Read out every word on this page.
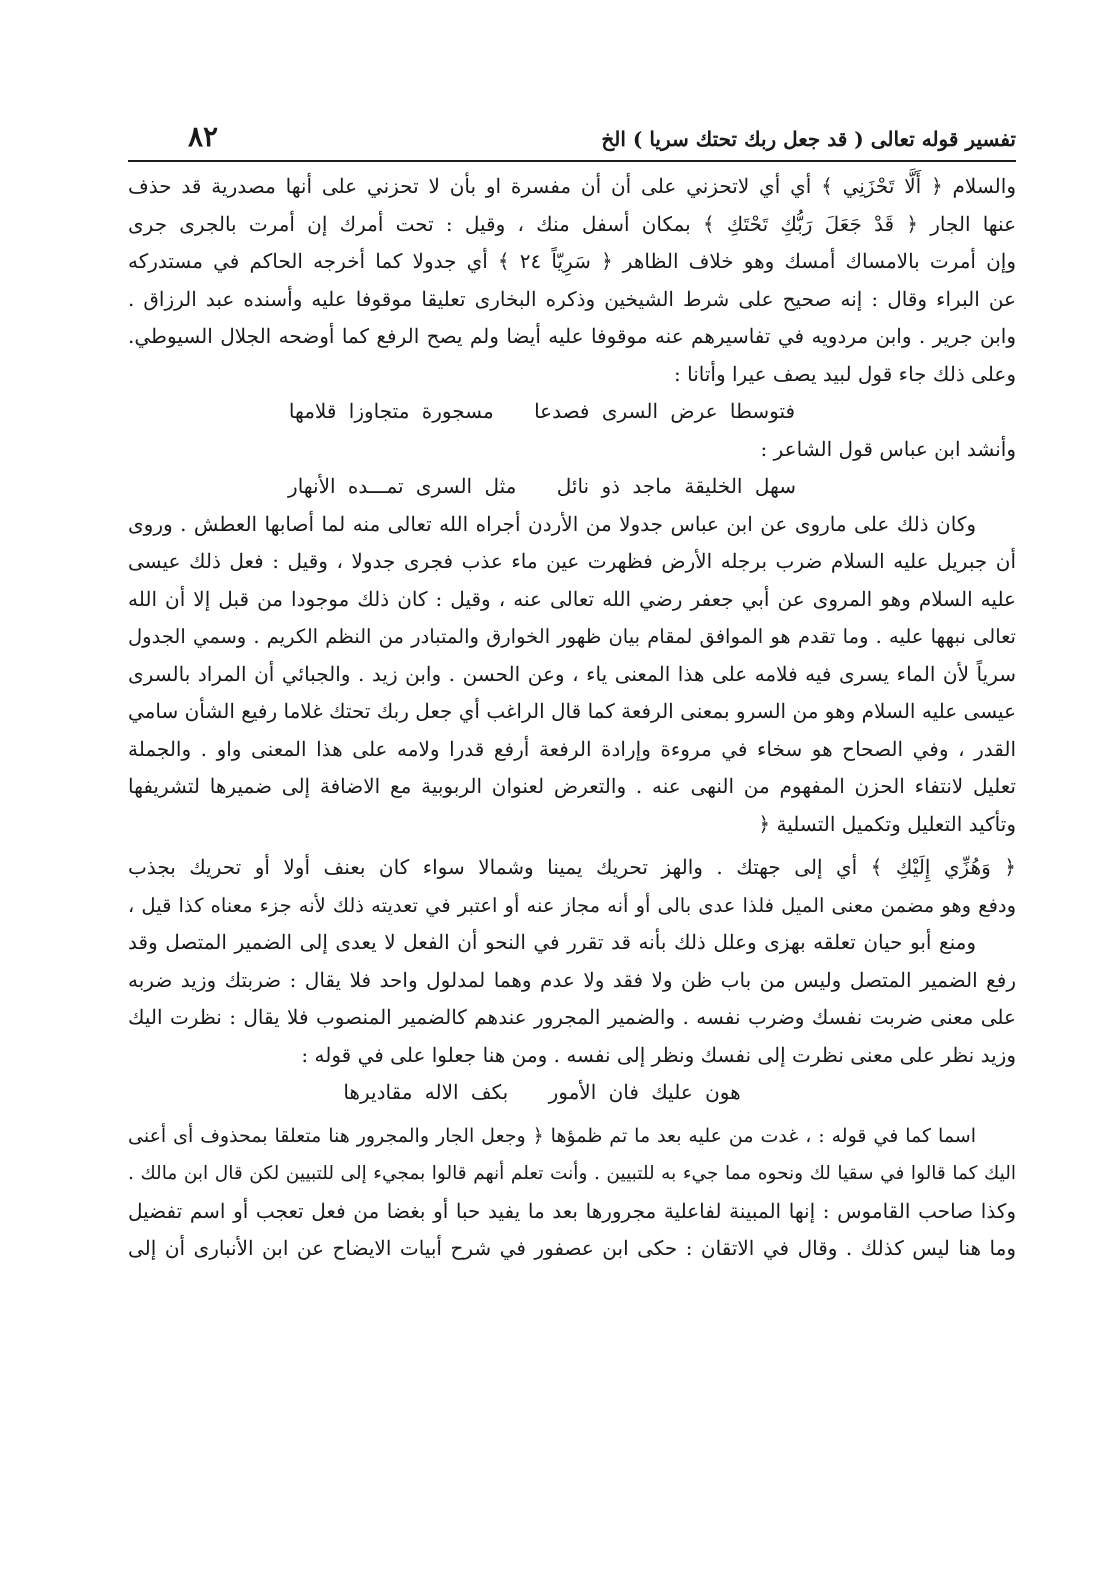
تفسير قوله تعالى ( قد جعل ربك تحتك سريا ) الخ
٨٢
والسلام ﴿ أَلَّا تَحْزَنِي ﴾ أي أي لاتحزني على أن أن مفسرة او بأن لا تحزني على أنها مصدرية قد حذف
عنها الجار ﴿ قَدْ جَعَلَ رَبُّكِ تَحْتَكِ ﴾ بمكان أسفل منك ، وقيل : تحت أمرك إن أمرت بالجرى جرى
وإن أمرت بالامساك أمسك وهو خلاف الظاهر ﴿ سَرِيّاً ٢٤ ﴾ أي جدولا كما أخرجه الحاكم في مستدركه
عن البراء وقال : إنه صحيح على شرط الشيخين وذكره البخارى تعليقا موقوفا عليه وأسنده عبد الرزاق .
وابن جرير . وابن مردويه في تفاسيرهم عنه موقوفا عليه أيضا ولم يصح الرفع كما أوضحه الجلال السيوطي.
وعلى ذلك جاء قول لبيد يصف عيرا وأتانا :
فتوسطا عرض السرى فصدعا مسجورة متجاوزا قلامها
وأنشد ابن عباس قول الشاعر :
سهل الخليقة ماجد ذو نائل مثل السرى تمـــده الأنهار
وكان ذلك على ماروى عن ابن عباس جدولا من الأردن أجراه الله تعالى منه لما أصابها العطش . وروى
أن جبريل عليه السلام ضرب برجله الأرض فظهرت عين ماء عذب فجرى جدولا ، وقيل : فعل ذلك عيسى
عليه السلام وهو المروى عن أبي جعفر رضي الله تعالى عنه ، وقيل : كان ذلك موجودا من قبل إلا أن الله
تعالى نبهها عليه . وما تقدم هو الموافق لمقام بيان ظهور الخوارق والمتبادر من النظم الكريم . وسمي الجدول
سرياً لأن الماء يسرى فيه فلامه على هذا المعنى ياء ، وعن الحسن . وابن زيد . والجبائي أن المراد بالسرى
عيسى عليه السلام وهو من السرو بمعنى الرفعة كما قال الراغب أي جعل ربك تحتك غلاما رفيع الشأن سامي
القدر ، وفي الصحاح هو سخاء في مروءة وإرادة الرفعة أرفع قدرا ولامه على هذا المعنى واو . والجملة
تعليل لانتفاء الحزن المفهوم من النهى عنه . والتعرض لعنوان الربوبية مع الاضافة إلى ضميرها لتشريفها
وتأكيد التعليل وتكميل التسلية ﴿
﴿ وَهُزِّي إِلَيْكِ ﴾ أي إلى جهتك . والهز تحريك يمينا وشمالا سواء كان بعنف أولا أو تحريك بجذب
ودفع وهو مضمن معنى الميل فلذا عدى بالى أو أنه مجاز عنه أو اعتبر في تعديته ذلك لأنه جزء معناه كذا قيل ،
ومنع أبو حيان تعلقه بهزى وعلل ذلك بأنه قد تقرر في النحو أن الفعل لا يعدى إلى الضمير المتصل وقد
رفع الضمير المتصل وليس من باب ظن ولا فقد ولا عدم وهما لمدلول واحد فلا يقال : ضربتك وزيد ضربه
على معنى ضربت نفسك وضرب نفسه . والضمير المجرور عندهم كالضمير المنصوب فلا يقال : نظرت اليك
وزيد نظر على معنى نظرت إلى نفسك ونظر إلى نفسه . ومن هنا جعلوا على في قوله :
هون عليك فان الأمور بكف الاله مقاديرها
اسما كما في قوله : ، غدت من عليه بعد ما تم ظمؤها ﴿ وجعل الجار والمجرور هنا متعلقا بمحذوف أى أعنى
اليك كما قالوا في سقيا لك ونحوه مما جيء به للتبيين . وأنت تعلم أنهم قالوا بمجيء إلى للتبيين لكن قال ابن مالك .
وكذا صاحب القاموس : إنها المبينة لفاعلية مجرورها بعد ما يفيد حبا أو بغضا من فعل تعجب أو اسم تفضيل
وما هنا ليس كذلك . وقال في الاتقان : حكى ابن عصفور في شرح أبيات الايضاح عن ابن الأنبارى أن إلى
